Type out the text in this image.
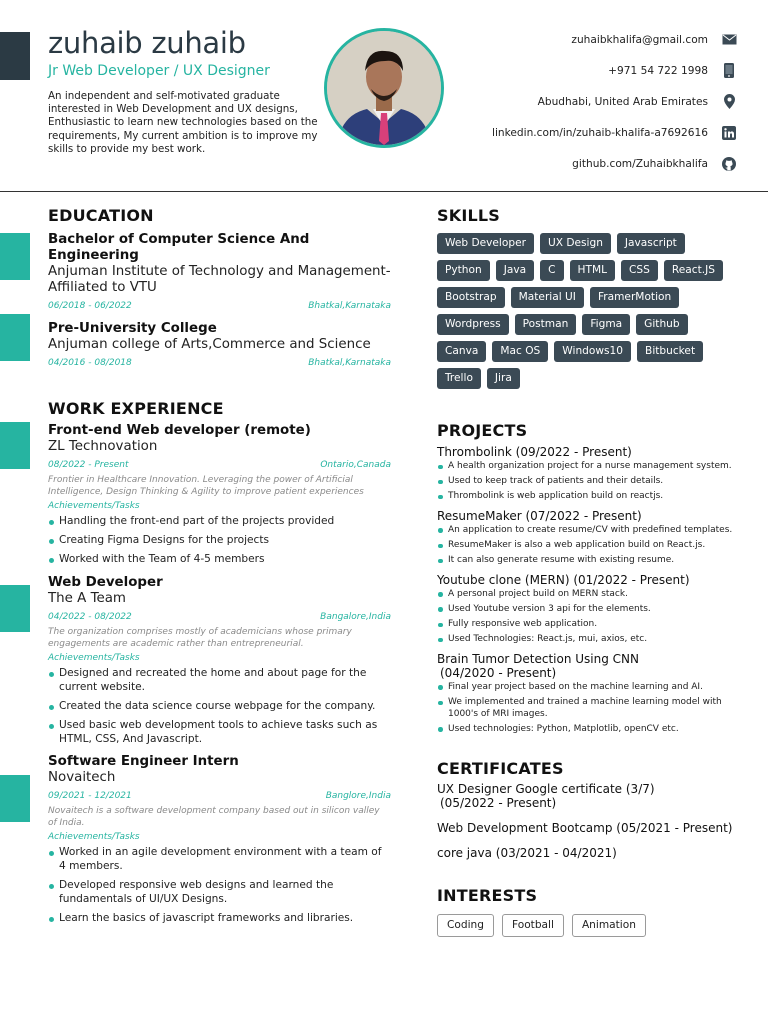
zuhaib zuhaib
Jr Web Developer / UX Designer

An independent and self-motivated graduate interested in Web Development and UX designs, Enthusiastic to learn new technologies based on the requirements, My current ambition is to improve my skills to provide my best work.

zuhaibkhalifa@gmail.com
+971 54 722 1998
Abudhabi, United Arab Emirates
linkedin.com/in/zuhaib-khalifa-a7692616
github.com/Zuhaibkhalifa
EDUCATION
Bachelor of Computer Science And Engineering
Anjuman Institute of Technology and Management-Affiliated to VTU
06/2018 - 06/2022	Bhatkal,Karnataka
Pre-University College
Anjuman college of Arts,Commerce and Science
04/2016 - 08/2018	Bhatkal,Karnataka
WORK EXPERIENCE
Front-end Web developer (remote)
ZL Technovation
08/2022 - Present	Ontario,Canada
Frontier in Healthcare Innovation. Leveraging the power of Artificial Intelligence, Design Thinking & Agility to improve patient experiences
Achievements/Tasks
Handling the front-end part of the projects provided
Creating Figma Designs for the projects
Worked with the Team of 4-5 members
Web Developer
The A Team
04/2022 - 08/2022	Bangalore,India
The organization comprises mostly of academicians whose primary engagements are academic rather than entrepreneurial.
Achievements/Tasks
Designed and recreated the home and about page for the current website.
Created the data science course webpage for the company.
Used basic web development tools to achieve tasks such as HTML, CSS, And Javascript.
Software Engineer Intern
Novaitech
09/2021 - 12/2021	Banglore,India
Novaitech is a software development company based out in silicon valley of India.
Achievements/Tasks
Worked in an agile development environment with a team of 4 members.
Developed responsive web designs and learned the fundamentals of UI/UX Designs.
Learn the basics of javascript frameworks and libraries.
SKILLS
Web Developer	UX Design	Javascript
Python	Java	C	HTML	CSS	React.JS
Bootstrap	Material UI	FramerMotion
Wordpress	Postman	Figma	Github
Canva	Mac OS	Windows10	Bitbucket
Trello	Jira
PROJECTS
Thrombolink (09/2022 - Present)
A health organization project for a nurse management system.
Used to keep track of patients and their details.
Thrombolink is web application build on reactjs.
ResumeMaker (07/2022 - Present)
An application to create resume/CV with predefined templates.
ResumeMaker is also a web application build on React.js.
It can also generate resume with existing resume.
Youtube clone (MERN) (01/2022 - Present)
A personal project build on MERN stack.
Used Youtube version 3 api for the elements.
Fully responsive web application.
Used Technologies: React.js, mui, axios, etc.
Brain Tumor Detection Using CNN
(04/2020 - Present)
Final year project based on the machine learning and AI.
We implemented and trained a machine learning model with 1000's of MRI images.
Used technologies: Python, Matplotlib, openCV etc.
CERTIFICATES
UX Designer Google certificate (3/7)
(05/2022 - Present)
Web Development Bootcamp (05/2021 - Present)
core java (03/2021 - 04/2021)
INTERESTS
Coding	Football	Animation
